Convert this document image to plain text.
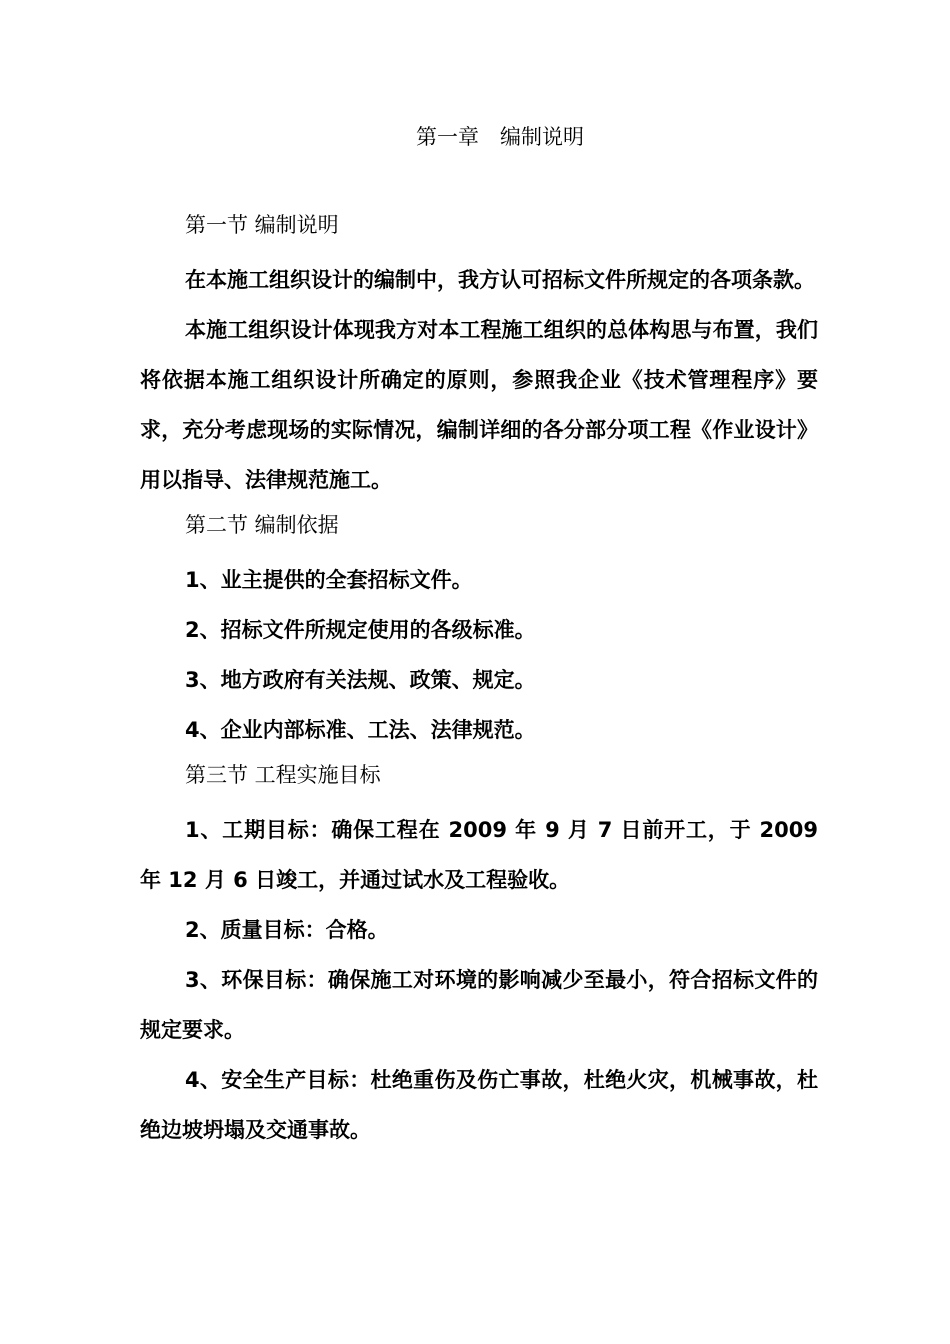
第一章　编制说明
第一节 编制说明

在本施工组织设计的编制中，我方认可招标文件所规定的各项条款。

本施工组织设计体现我方对本工程施工组织的总体构思与布置，我们将依据本施工组织设计所确定的原则，参照我企业《技术管理程序》要求，充分考虑现场的实际情况，编制详细的各分部分项工程《作业设计》用以指导、法律规范施工。

第二节 编制依据

1、业主提供的全套招标文件。

2、招标文件所规定使用的各级标准。

3、地方政府有关法规、政策、规定。

4、企业内部标准、工法、法律规范。

第三节 工程实施目标

1、工期目标：确保工程在 2009 年 9 月 7 日前开工，于 2009 年 12 月 6 日竣工，并通过试水及工程验收。

2、质量目标：合格。

3、环保目标：确保施工对环境的影响减少至最小，符合招标文件的规定要求。

4、安全生产目标：杜绝重伤及伤亡事故，杜绝火灾，机械事故，杜绝边坡坍塌及交通事故。
